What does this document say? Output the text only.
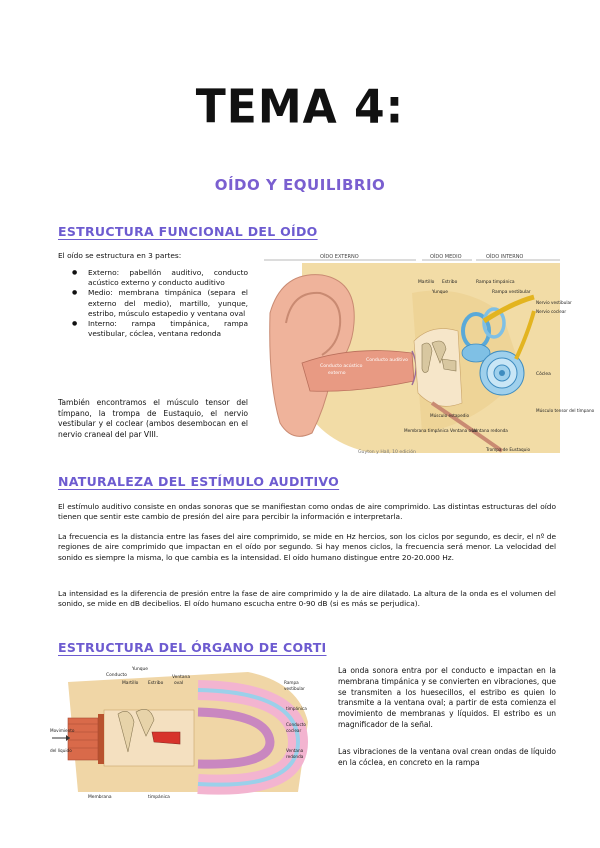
TEMA 4:
OÍDO Y EQUILIBRIO
ESTRUCTURA FUNCIONAL DEL OÍDO
El oído se estructura en 3 partes:
● Externo: pabellón auditivo, conducto acústico externo y conducto auditivo
● Medio: membrana timpánica (separa el externo del medio), martillo, yunque, estribo, músculo estapedio y ventana oval
● Interno: rampa timpánica, rampa vestibular, cóclea, ventana redonda
También encontramos el músculo tensor del tímpano, la trompa de Eustaquio, el nervio vestibular y el coclear (ambos desembocan en el nervio craneal del par VIII.
OÍDO EXTERNO	OÍDO MEDIO	OÍDO INTERNO
Conducto acústico
externo
Conducto auditivo
Martillo Estribo
Yunque
Rampa timpánica
Rampa vestibular
Nervio vestibular
Nervio coclear
Cóclea
Músculo tensor del tímpano
Músculo estapedio
Membrana timpánica Ventana oval
Ventana redonda
Trompa de Eustaquio
Guyton y Hall, 10 edición
NATURALEZA DEL ESTÍMULO AUDITIVO
El estímulo auditivo consiste en ondas sonoras que se manifiestan como ondas de aire comprimido. Las distintas estructuras del oído tienen que sentir este cambio de presión del aire para percibir la información e interpretarla.
La frecuencia es la distancia entre las fases del aire comprimido, se mide en Hz hercios, son los ciclos por segundo, es decir, el nº de regiones de aire comprimido que impactan en el oído por segundo. Si hay menos ciclos, la frecuencia será menor. La velocidad del sonido es siempre la misma, lo que cambia es la intensidad. El oído humano distingue entre 20-20.000 Hz.
La intensidad es la diferencia de presión entre la fase de aire comprimido y la de aire dilatado. La altura de la onda es el volumen del sonido, se mide en dB decibelios. El oído humano escucha entre 0-90 dB (si es más se perjudica).
ESTRUCTURA DEL ÓRGANO DE CORTI
Conducto
Yunque
Martillo Estribo
Ventana
oval	Rampa
vestibular
timpánica
Conducto
coclear
Ventana
redonda
Movimiento
del líquido
Membrana	timpánica
La onda sonora entra por el conducto e impactan en la membrana timpánica y se convierten en vibraciones, que se transmiten a los huesecillos, el estribo es quien lo transmite a la ventana oval; a partir de esta comienza el movimiento de membranas y líquidos. El estribo es un magnificador de la señal.
Las vibraciones de la ventana oval crean ondas de líquido en la cóclea, en concreto en la rampa
